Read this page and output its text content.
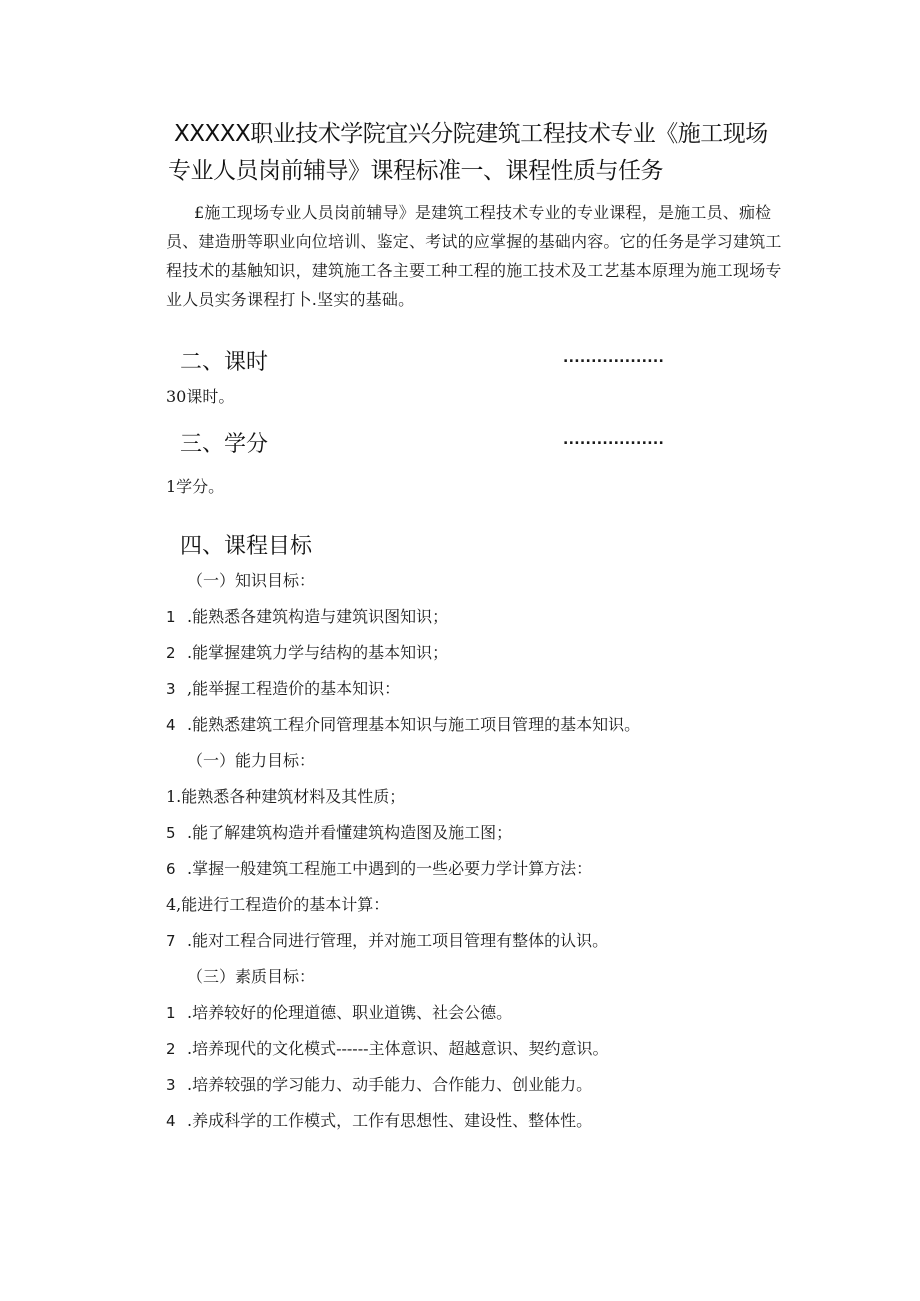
XXXXX职业技术学院宜兴分院建筑工程技术专业《施工现场
专业人员岗前辅导》课程标准一、课程性质与任务
£施工现场专业人员岗前辅导》是建筑工程技术专业的专业课程，是施工员、痂检员、建造册等职业向位培训、鉴定、考试的应掌握的基础内容。它的任务是学习建筑工程技术的基触知识，建筑施工各主要工种工程的施工技术及工艺基本原理为施工现场专业人员实务课程打卜.坚实的基础。
二、课时	..................
30课时。
三、学分	..................
1学分。
四、课程目标
（一）知识目标：
1 .能熟悉各建筑构造与建筑识图知识；
2 .能掌握建筑力学与结构的基本知识；
3 ,能举握工程造价的基本知识：
4 .能熟悉建筑工程介同管理基本知识与施工项目管理的基本知识。
（一）能力目标：
1.能熟悉各种建筑材料及其性质；
5 .能了解建筑构造并看懂建筑构造图及施工图；
6 .掌握一般建筑工程施工中遇到的一些必要力学计算方法：
4,能进行工程造价的基本计算：
7 .能对工程合同进行管理，并对施工项目管理有整体的认识。
（三）素质目标：
1 .培养较好的伦理道德、职业道镌、社会公德。
2 .培养现代的文化模式------主体意识、超越意识、契约意识。
3 .培养较强的学习能力、动手能力、合作能力、创业能力。
4 .养成科学的工作模式，工作有思想性、建设性、整体性。
